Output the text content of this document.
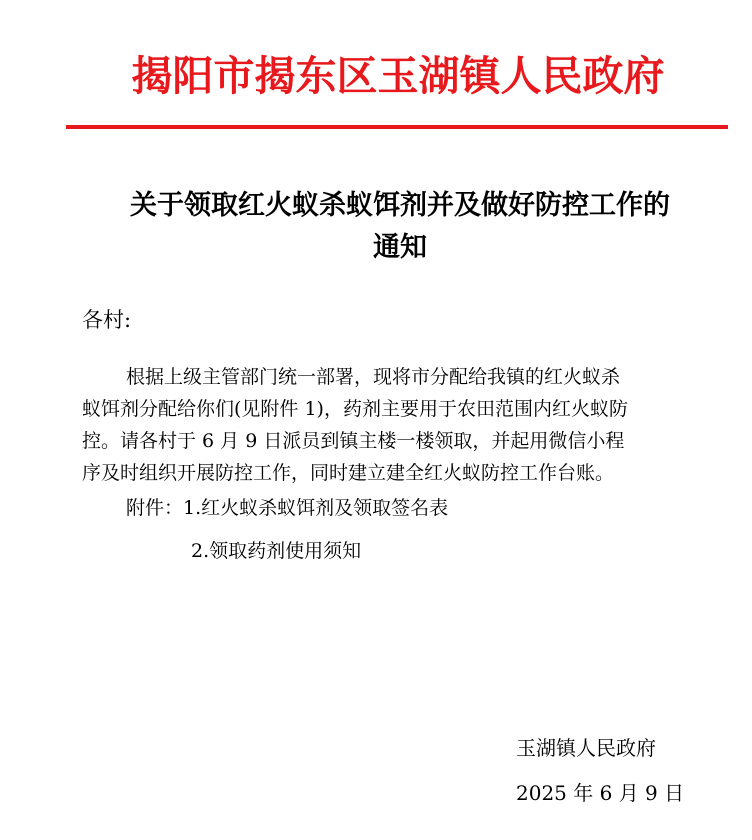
揭阳市揭东区玉湖镇人民政府
关于领取红火蚁杀蚁饵剂并及做好防控工作的
通知
各村:
根据上级主管部门统一部署，现将市分配给我镇的红火蚁杀
蚁饵剂分配给你们(见附件 1)，药剂主要用于农田范围内红火蚁防
控。请各村于 6 月 9 日派员到镇主楼一楼领取，并起用微信小程
序及时组织开展防控工作，同时建立建全红火蚁防控工作台账。
附件：1.红火蚁杀蚁饵剂及领取签名表
2.领取药剂使用须知
玉湖镇人民政府
2025 年 6 月 9 日
